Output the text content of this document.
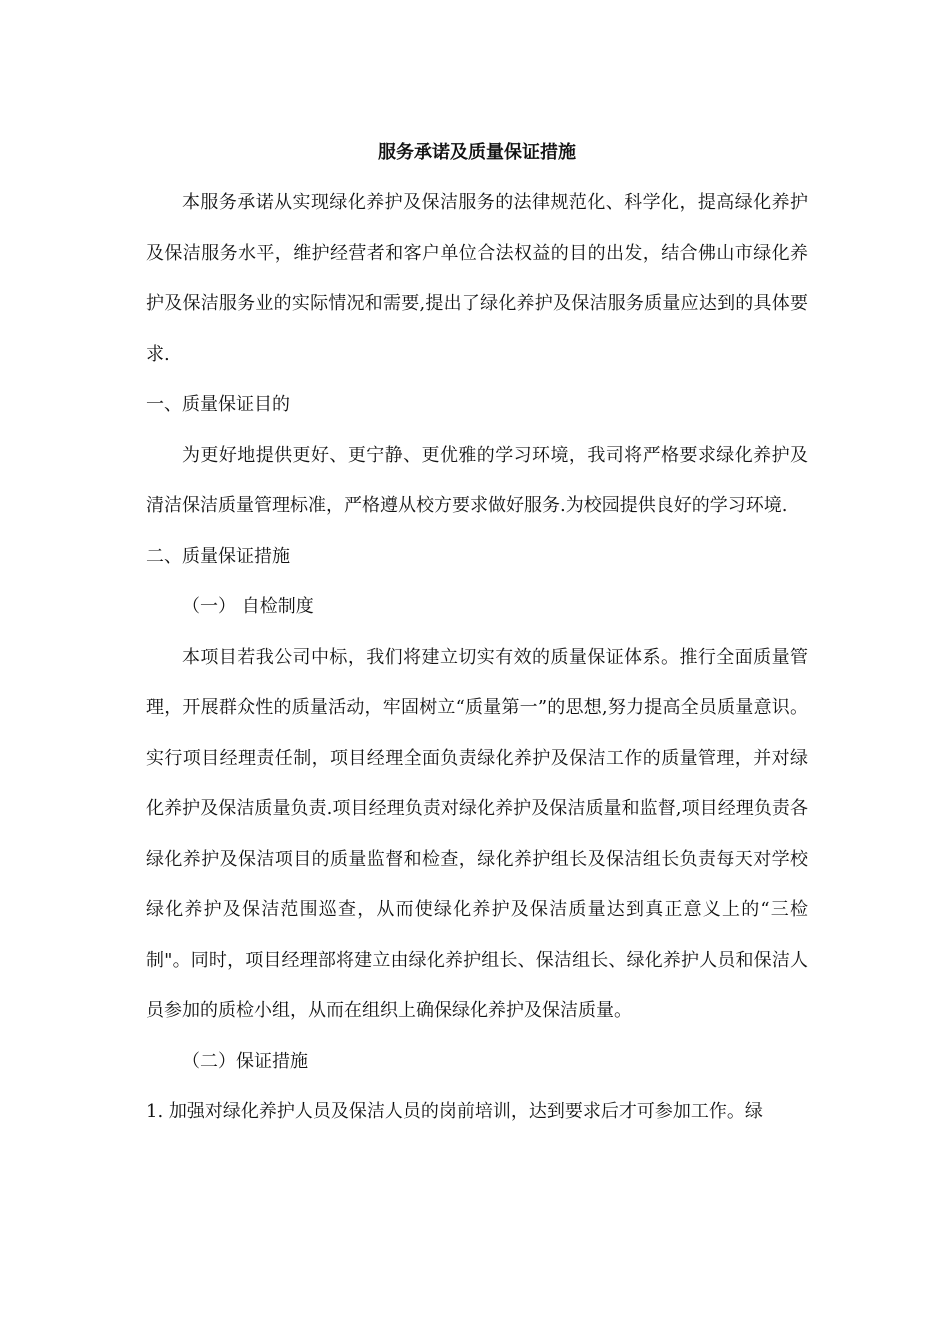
服务承诺及质量保证措施

本服务承诺从实现绿化养护及保洁服务的法律规范化、科学化，提高绿化养护及保洁服务水平，维护经营者和客户单位合法权益的目的出发，结合佛山市绿化养护及保洁服务业的实际情况和需要,提出了绿化养护及保洁服务质量应达到的具体要求.

一、质量保证目的

为更好地提供更好、更宁静、更优雅的学习环境，我司将严格要求绿化养护及清洁保洁质量管理标准，严格遵从校方要求做好服务.为校园提供良好的学习环境.

二、质量保证措施

（一） 自检制度

本项目若我公司中标，我们将建立切实有效的质量保证体系。推行全面质量管理，开展群众性的质量活动，牢固树立“质量第一”的思想,努力提高全员质量意识。实行项目经理责任制，项目经理全面负责绿化养护及保洁工作的质量管理，并对绿化养护及保洁质量负责.项目经理负责对绿化养护及保洁质量和监督,项目经理负责各绿化养护及保洁项目的质量监督和检查，绿化养护组长及保洁组长负责每天对学校绿化养护及保洁范围巡查，从而使绿化养护及保洁质量达到真正意义上的“三检制"。同时，项目经理部将建立由绿化养护组长、保洁组长、绿化养护人员和保洁人员参加的质检小组，从而在组织上确保绿化养护及保洁质量。

（二）保证措施

1. 加强对绿化养护人员及保洁人员的岗前培训，达到要求后才可参加工作。绿
